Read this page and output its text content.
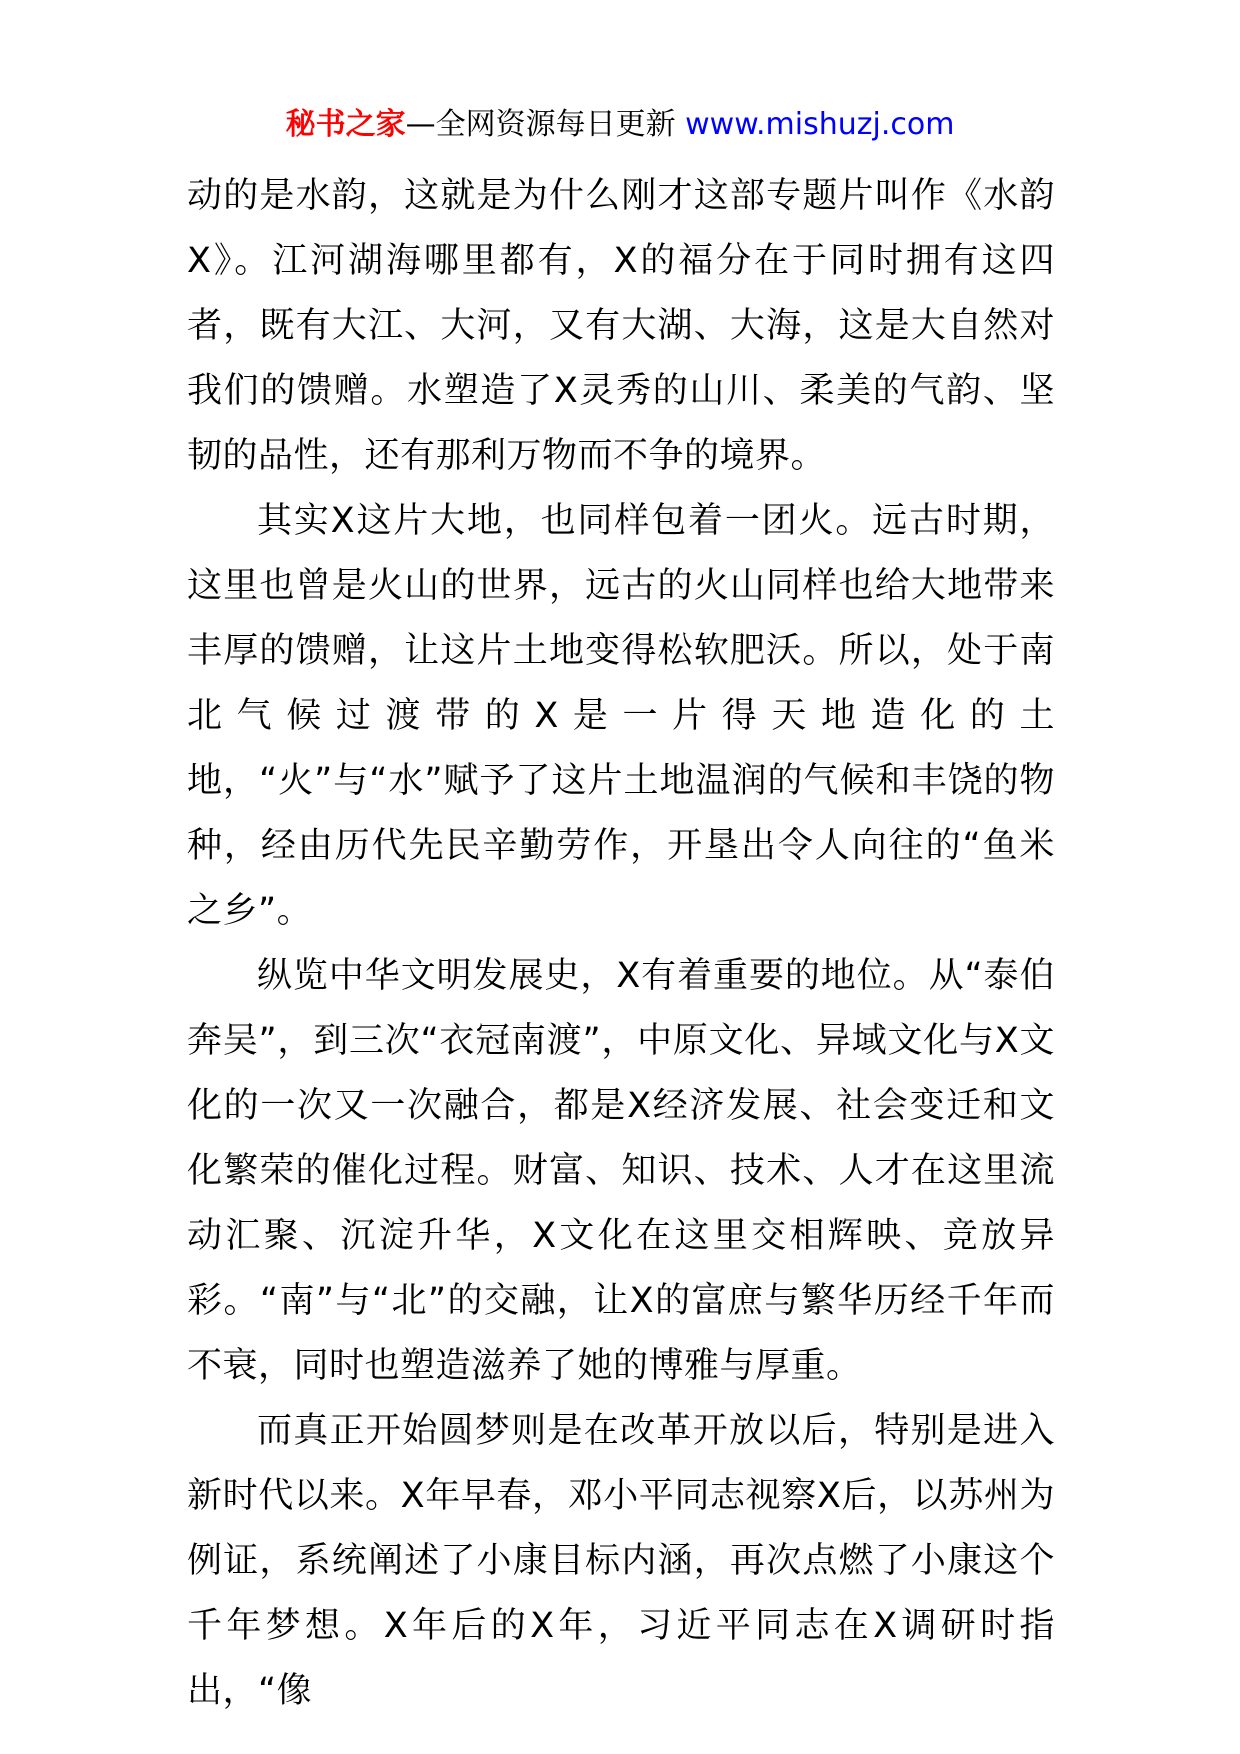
秘书之家—全网资源每日更新 www.mishuzj.com

动的是水韵，这就是为什么刚才这部专题片叫作《水韵X》。江河湖海哪里都有，X的福分在于同时拥有这四者，既有大江、大河，又有大湖、大海，这是大自然对我们的馈赠。水塑造了X灵秀的山川、柔美的气韵、坚韧的品性，还有那利万物而不争的境界。

其实X这片大地，也同样包着一团火。远古时期，这里也曾是火山的世界，远古的火山同样也给大地带来丰厚的馈赠，让这片土地变得松软肥沃。所以，处于南北气候过渡带的X是一片得天地造化的土地，“火”与“水”赋予了这片土地温润的气候和丰饶的物种，经由历代先民辛勤劳作，开垦出令人向往的“鱼米之乡”。

纵览中华文明发展史，X有着重要的地位。从“泰伯奔吴”，到三次“衣冠南渡”，中原文化、异域文化与X文化的一次又一次融合，都是X经济发展、社会变迁和文化繁荣的催化过程。财富、知识、技术、人才在这里流动汇聚、沉淀升华，X文化在这里交相辉映、竞放异彩。“南”与“北”的交融，让X的富庶与繁华历经千年而不衰，同时也塑造滋养了她的博雅与厚重。

而真正开始圆梦则是在改革开放以后，特别是进入新时代以来。X年早春，邓小平同志视察X后，以苏州为例证，系统阐述了小康目标内涵，再次点燃了小康这个千年梦想。X年后的X年，习近平同志在X调研时指出，“像
